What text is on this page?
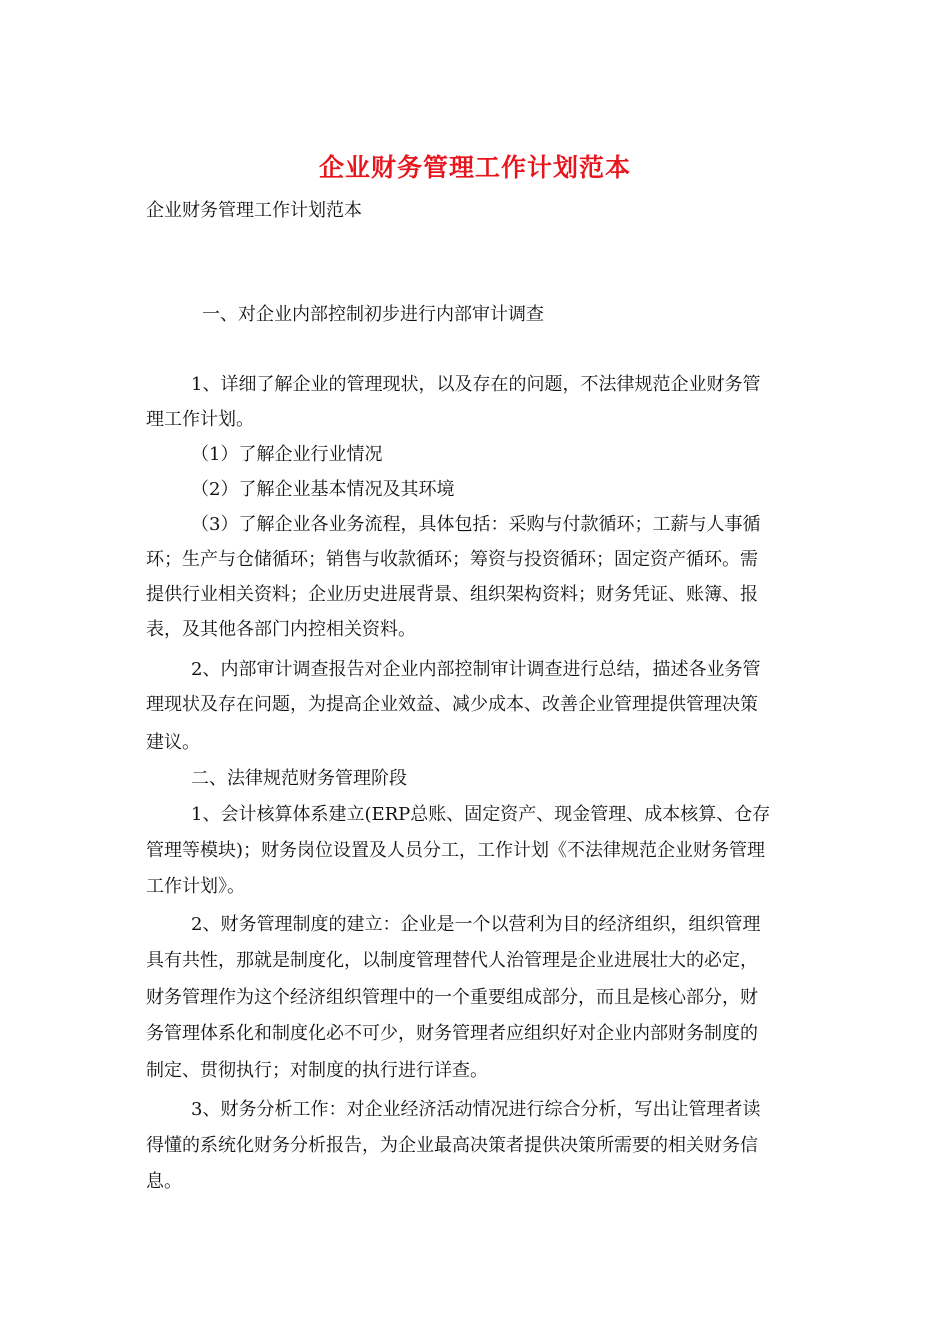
企业财务管理工作计划范本
企业财务管理工作计划范本
一、对企业内部控制初步进行内部审计调查
1、详细了解企业的管理现状，以及存在的问题，不法律规范企业财务管
理工作计划。
（1）了解企业行业情况
（2）了解企业基本情况及其环境
（3）了解企业各业务流程，具体包括：采购与付款循环；工薪与人事循
环；生产与仓储循环；销售与收款循环；筹资与投资循环；固定资产循环。需
提供行业相关资料；企业历史进展背景、组织架构资料；财务凭证、账簿、报
表，及其他各部门内控相关资料。
2、内部审计调查报告对企业内部控制审计调查进行总结，描述各业务管
理现状及存在问题，为提高企业效益、减少成本、改善企业管理提供管理决策
建议。
二、法律规范财务管理阶段
1、会计核算体系建立(ERP总账、固定资产、现金管理、成本核算、仓存
管理等模块)；财务岗位设置及人员分工，工作计划《不法律规范企业财务管理
工作计划》。
2、财务管理制度的建立：企业是一个以营利为目的经济组织，组织管理
具有共性，那就是制度化，以制度管理替代人治管理是企业进展壮大的必定，
财务管理作为这个经济组织管理中的一个重要组成部分，而且是核心部分，财
务管理体系化和制度化必不可少，财务管理者应组织好对企业内部财务制度的
制定、贯彻执行；对制度的执行进行详查。
3、财务分析工作：对企业经济活动情况进行综合分析，写出让管理者读
得懂的系统化财务分析报告，为企业最高决策者提供决策所需要的相关财务信
息。
